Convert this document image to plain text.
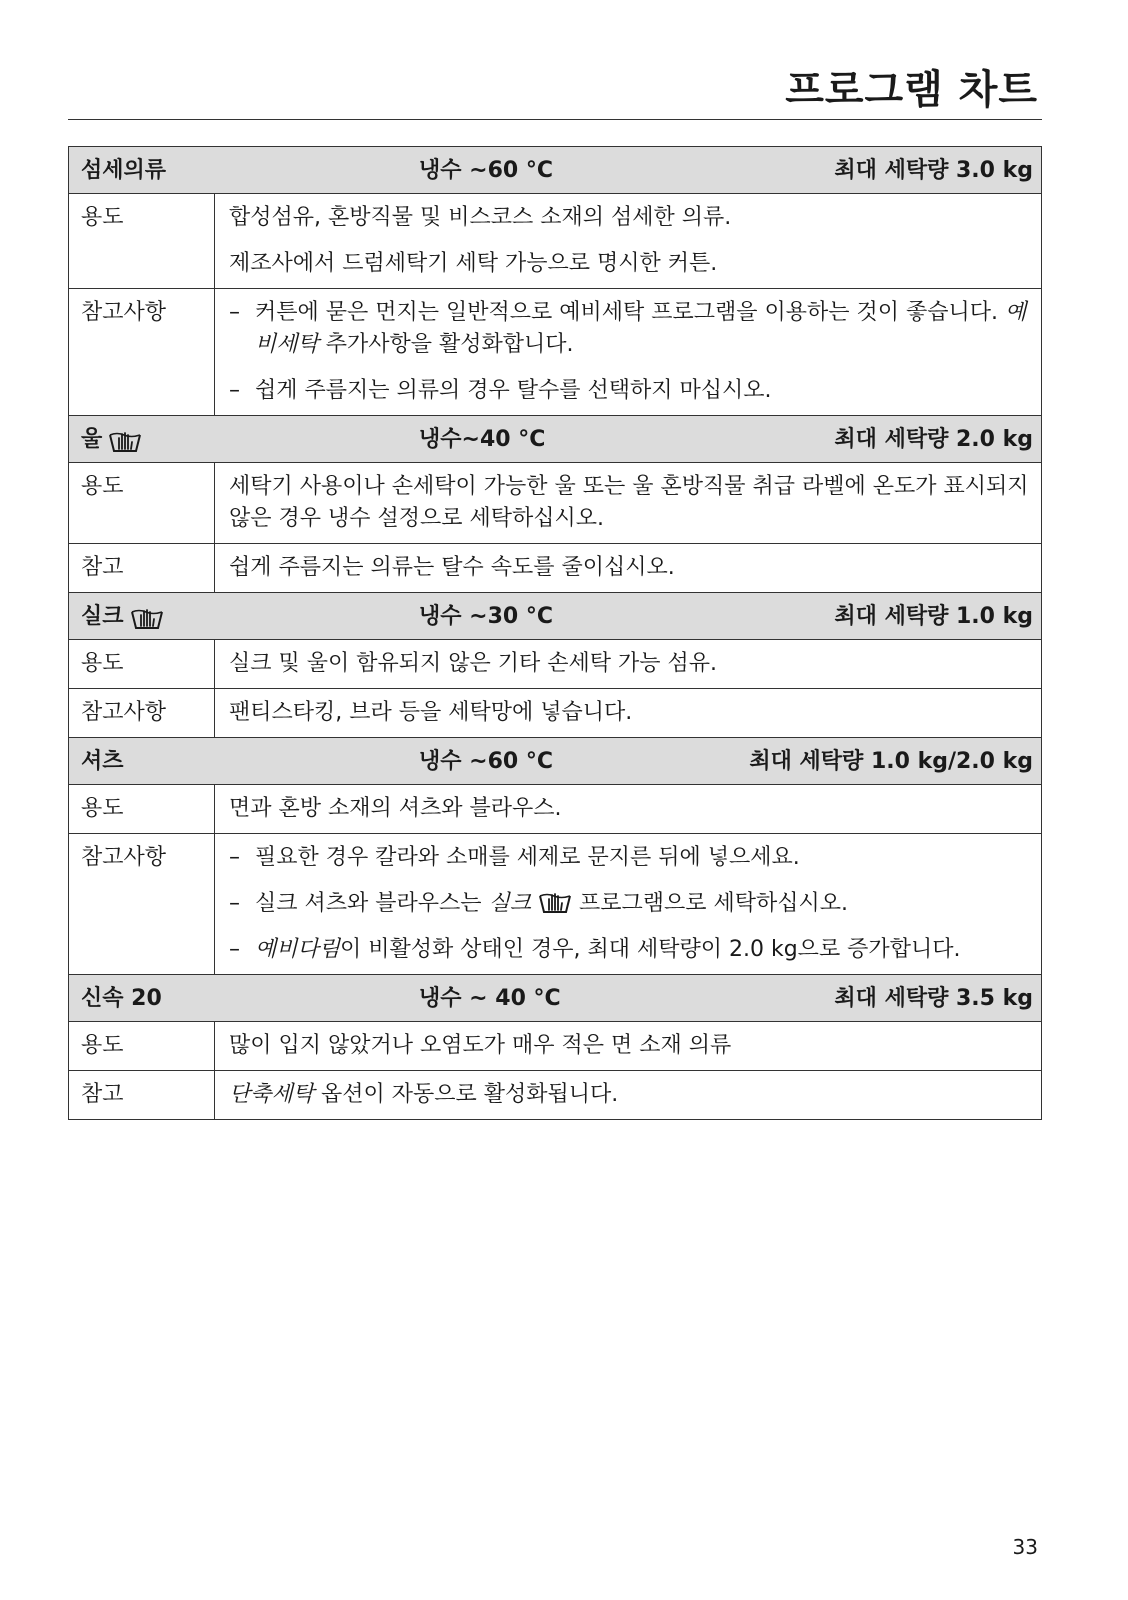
프로그램 차트
섬세의류	냉수 ~60 °C	최대 세탁량 3.0 kg
용도	합성섬유, 혼방직물 및 비스코스 소재의 섬세한 의류.

제조사에서 드럼세탁기 세탁 가능으로 명시한 커튼.

참고사항	– 커튼에 묻은 먼지는 일반적으로 예비세탁 프로그램을 이용하는 것이 좋습니다. 예비세탁 추가사항을 활성화합니다.
– 쉽게 주름지는 의류의 경우 탈수를 선택하지 마십시오.
울	냉수~40 °C	최대 세탁량 2.0 kg
용도	세탁기 사용이나 손세탁이 가능한 울 또는 울 혼방직물 취급 라벨에 온도가 표시되지 않은 경우 냉수 설정으로 세탁하십시오.
참고	쉽게 주름지는 의류는 탈수 속도를 줄이십시오.
실크	냉수 ~30 °C	최대 세탁량 1.0 kg
용도	실크 및 울이 함유되지 않은 기타 손세탁 가능 섬유.
참고사항	팬티스타킹, 브라 등을 세탁망에 넣습니다.
셔츠	냉수 ~60 °C	최대 세탁량 1.0 kg/2.0 kg
용도	면과 혼방 소재의 셔츠와 블라우스.
참고사항	– 필요한 경우 칼라와 소매를 세제로 문지른 뒤에 넣으세요.
– 실크 셔츠와 블라우스는 실크 프로그램으로 세탁하십시오.
– 예비다림이 비활성화 상태인 경우, 최대 세탁량이 2.0 kg으로 증가합니다.
신속 20	냉수 ~ 40 °C	최대 세탁량 3.5 kg
용도	많이 입지 않았거나 오염도가 매우 적은 면 소재 의류
참고	단축세탁 옵션이 자동으로 활성화됩니다.
33
